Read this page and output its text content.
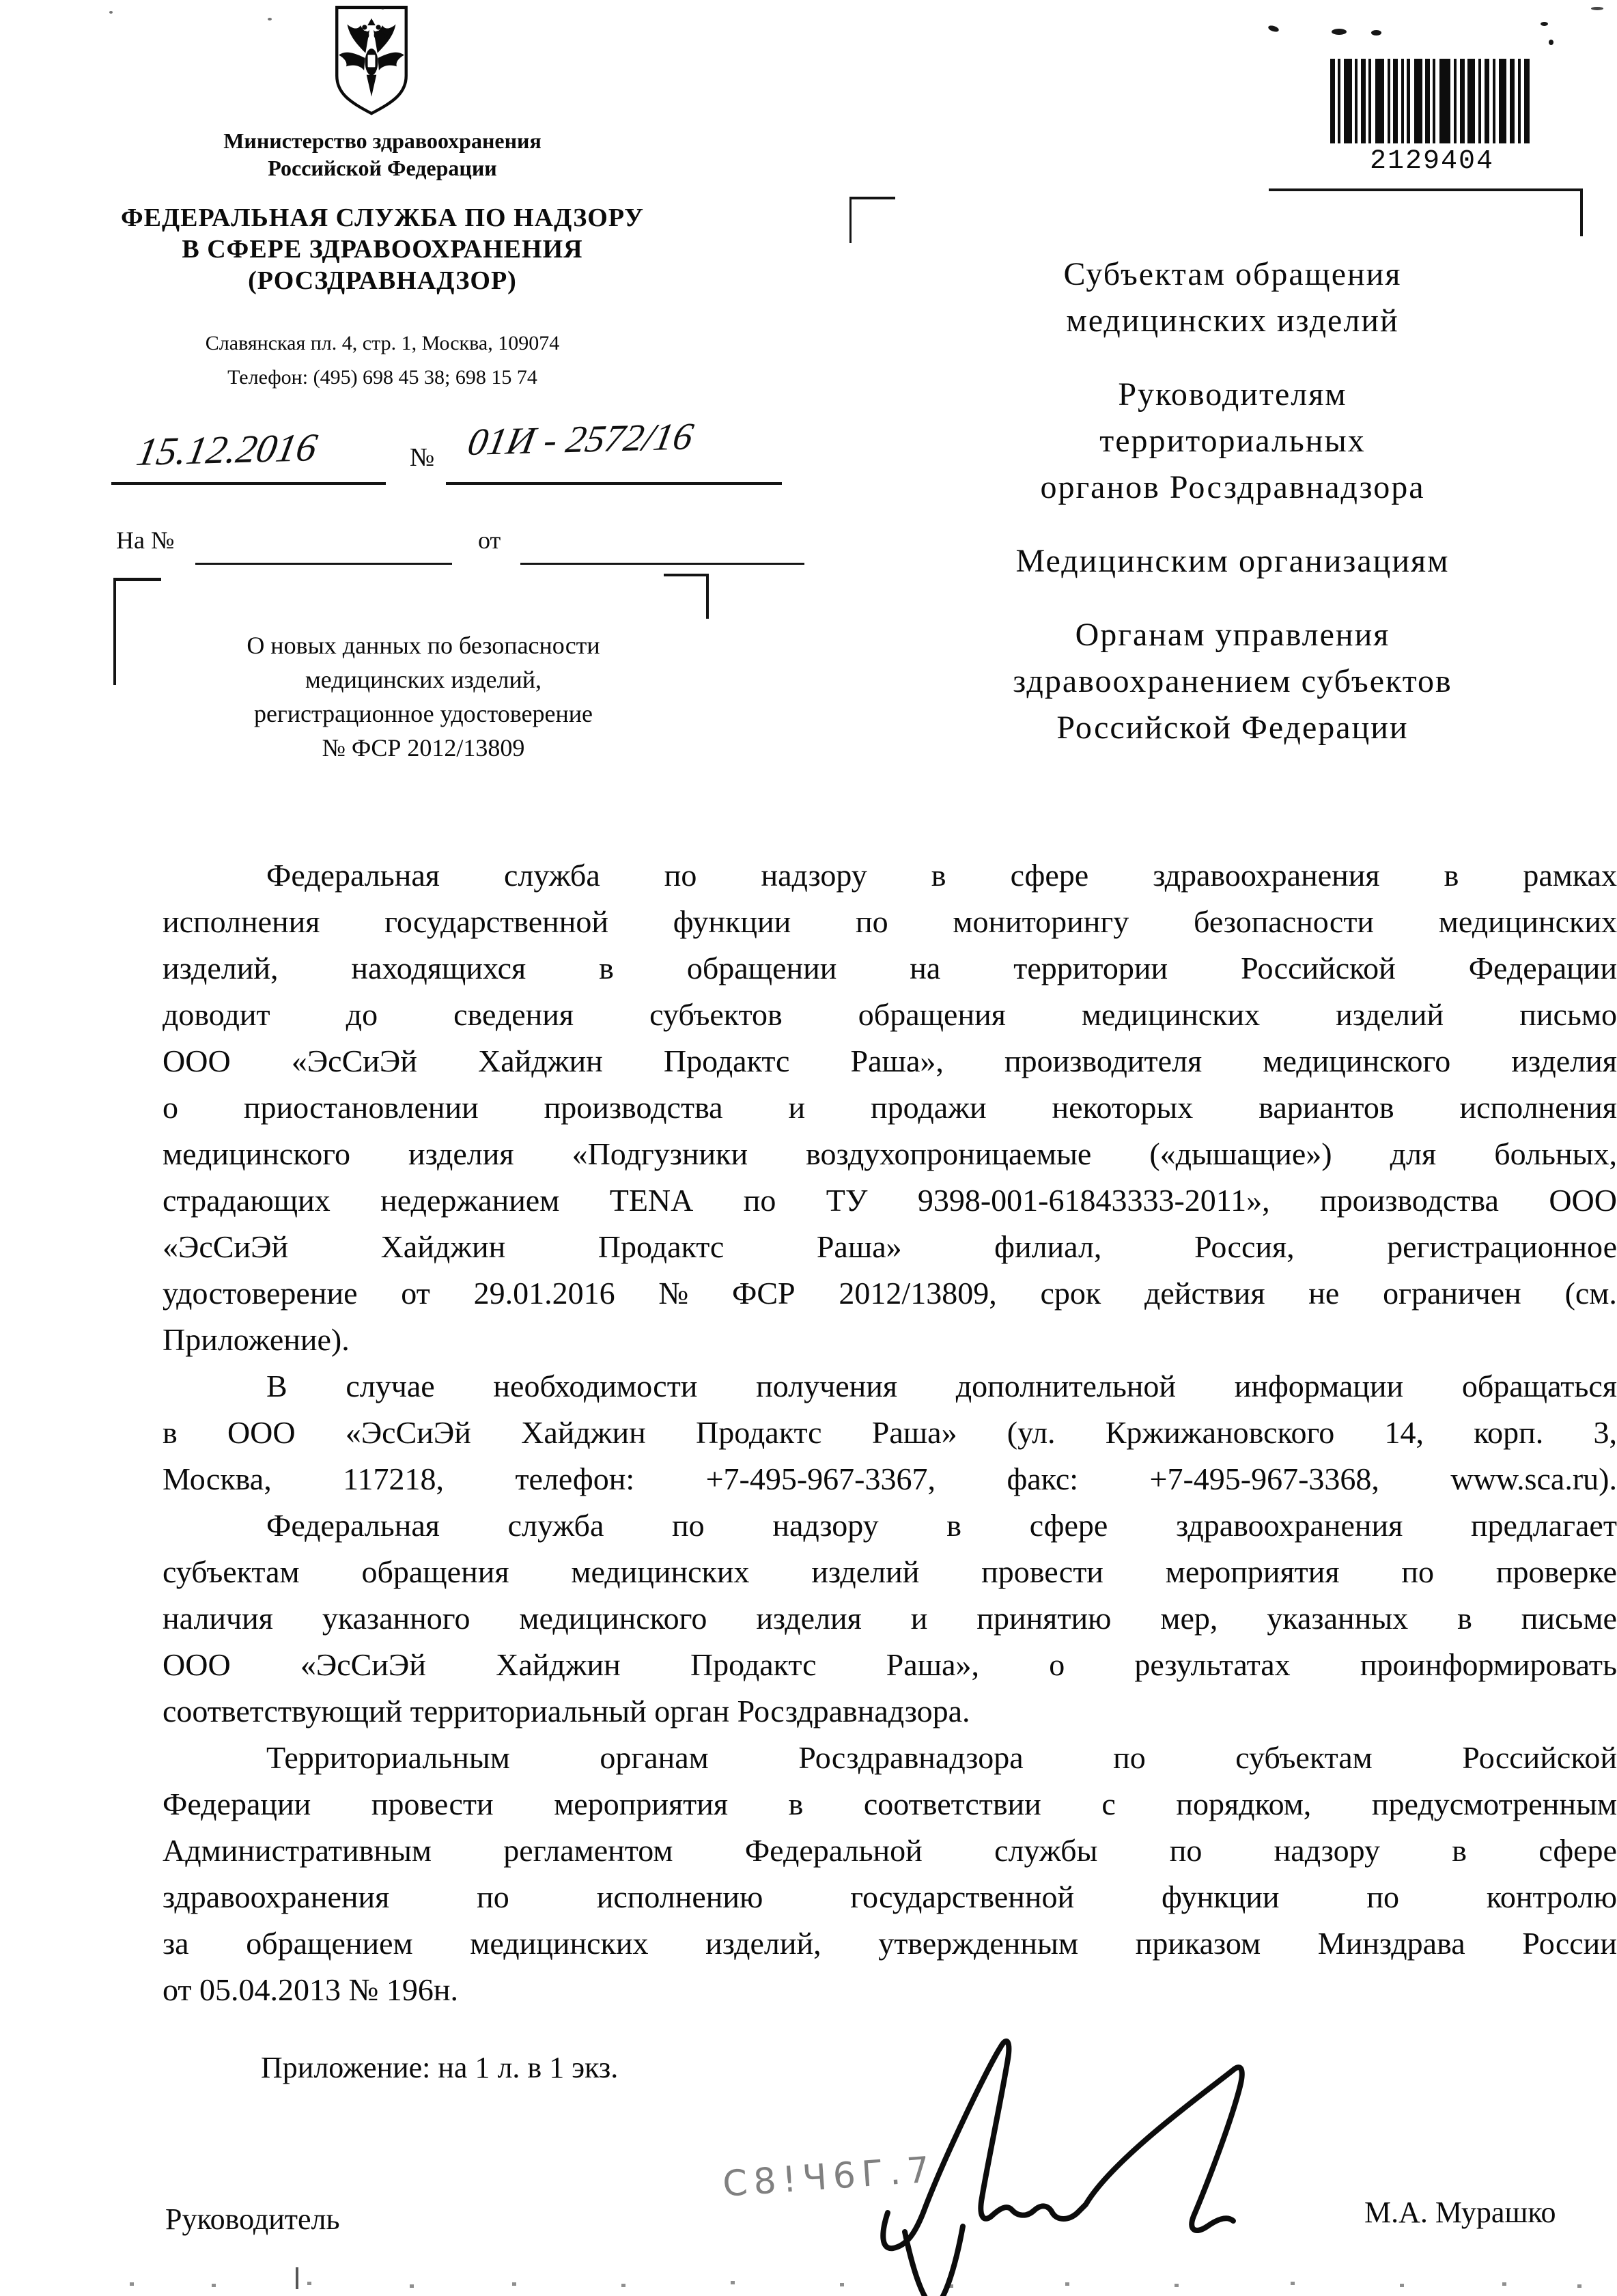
Министерство здравоохранения
Российской Федерации
ФЕДЕРАЛЬНАЯ СЛУЖБА ПО НАДЗОРУ
В СФЕРЕ ЗДРАВООХРАНЕНИЯ
(РОСЗДРАВНАДЗОР)
Славянская пл. 4, стр. 1, Москва, 109074
Телефон: (495) 698 45 38; 698 15 74
15.12.2016	№ 01И - 2572/16
На №	от
2129404
Субъектам обращения
медицинских изделий
Руководителям
территориальных
органов Росздравнадзора
Медицинским организациям
Органам управления
здравоохранением субъектов
Российской Федерации
О новых данных по безопасности
медицинских изделий,
регистрационное удостоверение
№ ФСР 2012/13809
Федеральная служба по надзору в сфере здравоохранения в рамках
исполнения государственной функции по мониторингу безопасности медицинских
изделий, находящихся в обращении на территории Российской Федерации
доводит до сведения субъектов обращения медицинских изделий письмо
ООО «ЭсСиЭй Хайджин Продактс Раша», производителя медицинского изделия
о приостановлении производства и продажи некоторых вариантов исполнения
медицинского изделия «Подгузники воздухопроницаемые («дышащие») для больных,
страдающих недержанием TENA по ТУ 9398-001-61843333-2011», производства ООО
«ЭсСиЭй	Хайджин	Продактс	Раша»	филиал,	Россия,	регистрационное
удостоверение от 29.01.2016 № ФСР 2012/13809, срок действия не ограничен (см.
Приложение).
В случае необходимости получения дополнительной информации обращаться
в ООО «ЭсСиЭй Хайджин Продактс Раша» (ул. Кржижановского 14, корп. 3,
Москва, 117218, телефон: +7-495-967-3367, факс: +7-495-967-3368, www.sca.ru).
Федеральная служба по надзору в сфере здравоохранения предлагает
субъектам обращения медицинских изделий провести мероприятия по проверке
наличия указанного медицинского изделия и принятию мер, указанных в письме
ООО «ЭсСиЭй Хайджин Продактс Раша», о результатах проинформировать
соответствующий территориальный орган Росздравнадзора.
Территориальным	органам	Росздравнадзора	по	субъектам	Российской
Федерации провести мероприятия в соответствии с порядком, предусмотренным
Административным регламентом Федеральной службы по надзору в сфере
здравоохранения	по	исполнению	государственной	функции	по	контролю
за обращением медицинских изделий, утвержденным приказом Минздрава России
от 05.04.2013 № 196н.
Приложение: на 1 л. в 1 экз.
Руководитель
С8!Ч6Г.7
М.А. Мурашко
